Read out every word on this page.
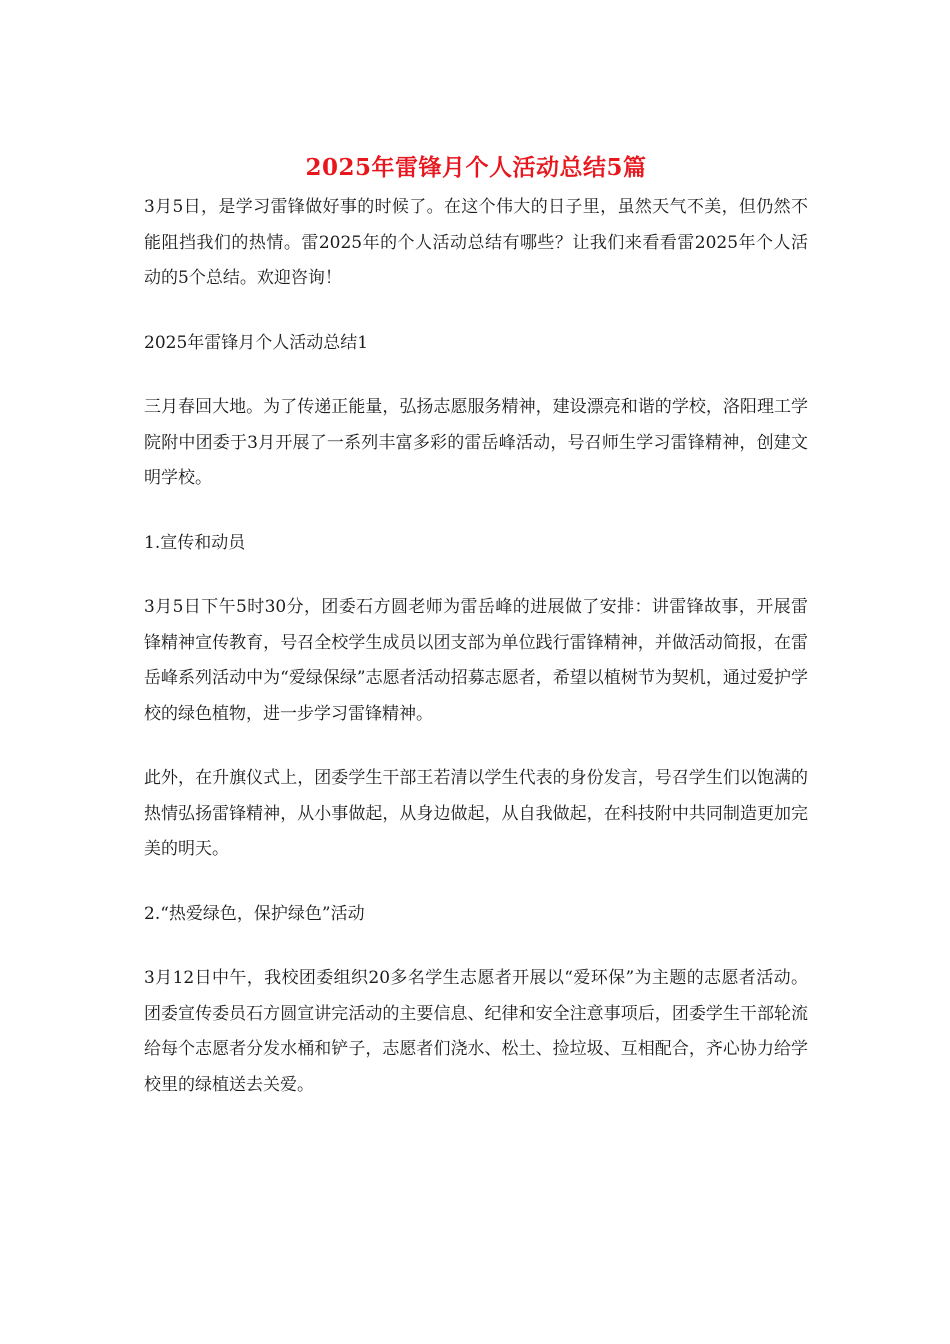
2025年雷锋月个人活动总结5篇

3月5日，是学习雷锋做好事的时候了。在这个伟大的日子里，虽然天气不美，但仍然不能阻挡我们的热情。雷2025年的个人活动总结有哪些？让我们来看看雷2025年个人活动的5个总结。欢迎咨询！

2025年雷锋月个人活动总结1

三月春回大地。为了传递正能量，弘扬志愿服务精神，建设漂亮和谐的学校，洛阳理工学院附中团委于3月开展了一系列丰富多彩的雷岳峰活动，号召师生学习雷锋精神，创建文明学校。

1.宣传和动员

3月5日下午5时30分，团委石方圆老师为雷岳峰的进展做了安排：讲雷锋故事，开展雷锋精神宣传教育，号召全校学生成员以团支部为单位践行雷锋精神，并做活动简报，在雷岳峰系列活动中为“爱绿保绿”志愿者活动招募志愿者，希望以植树节为契机，通过爱护学校的绿色植物，进一步学习雷锋精神。

此外，在升旗仪式上，团委学生干部王若清以学生代表的身份发言，号召学生们以饱满的热情弘扬雷锋精神，从小事做起，从身边做起，从自我做起，在科技附中共同制造更加完美的明天。

2.“热爱绿色，保护绿色”活动

3月12日中午，我校团委组织20多名学生志愿者开展以“爱环保”为主题的志愿者活动。团委宣传委员石方圆宣讲完活动的主要信息、纪律和安全注意事项后，团委学生干部轮流给每个志愿者分发水桶和铲子，志愿者们浇水、松土、捡垃圾、互相配合，齐心协力给学校里的绿植送去关爱。
